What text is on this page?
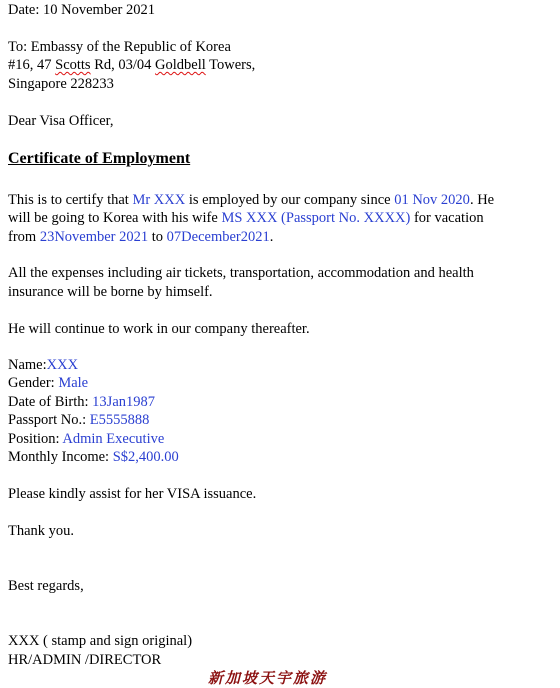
Date: 10 November 2021
To: Embassy of the Republic of Korea
#16, 47 Scotts Rd, 03/04 Goldbell Towers,
Singapore 228233
Dear Visa Officer,
Certificate of Employment
This is to certify that Mr XXX is employed by our company since 01 Nov 2020. He
will be going to Korea with his wife MS XXX (Passport No. XXXX) for vacation
from 23November 2021 to 07December2021.
All the expenses including air tickets, transportation, accommodation and health
insurance will be borne by himself.
He will continue to work in our company thereafter.
Name:XXX
Gender: Male
Date of Birth: 13Jan1987
Passport No.: E5555888
Position: Admin Executive
Monthly Income: S$2,400.00
Please kindly assist for her VISA issuance.
Thank you.
Best regards,
XXX ( stamp and sign original)
HR/ADMIN /DIRECTOR
新加坡天宇旅游
